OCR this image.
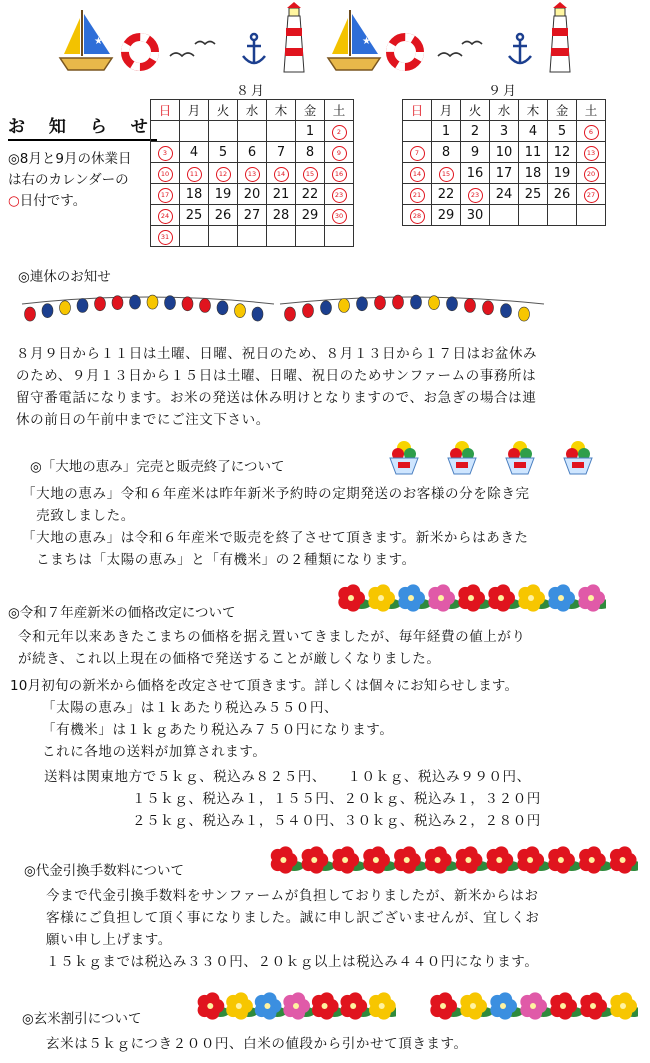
★	★
お 知 ら せ
◎8月と9月の休業日は右のカレンダーの○日付です。
８月
日	月	火	水	木	金	土
					1	2
3	4	5	6	7	8	9
10	11	12	13	14	15	16
17	18	19	20	21	22	23
24	25	26	27	28	29	30
31						
９月
日	月	火	水	木	金	土
	1	2	3	4	5	6
7	8	9	10	11	12	13
14	15	16	17	18	19	20
21	22	23	24	25	26	27
28	29	30				
◎連休のお知せ
８月９日から１１日は土曜、日曜、祝日のため、８月１３日から１７日はお盆休み
のため、９月１３日から１５日は土曜、日曜、祝日のためサンファームの事務所は
留守番電話になります。お米の発送は休み明けとなりますので、お急ぎの場合は連
休の前日の午前中までにご注文下さい。
◎「大地の恵み」完売と販売終了について
「大地の恵み」令和６年産米は昨年新米予約時の定期発送のお客様の分を除き完
　売致しました。
「大地の恵み」は令和６年産米で販売を終了させて頂きます。新米からはあきた
　こまちは「太陽の恵み」と「有機米」の２種類になります。
◎令和７年産新米の価格改定について
令和元年以来あきたこまちの価格を据え置いてきましたが、毎年経費の値上がり
が続き、これ以上現在の価格で発送することが厳しくなりました。
10月初旬の新米から価格を改定させて頂きます。詳しくは個々にお知らせします。
「太陽の恵み」は１ｋあたり税込み５５０円、
「有機米」は１ｋｇあたり税込み７５０円になります。
これに各地の送料が加算されます。
送料は関東地方で５ｋｇ、税込み８２５円、　　１０ｋｇ、税込み９９０円、
１５ｋｇ、税込み１，１５５円、２０ｋｇ、税込み１，３２０円
２５ｋｇ、税込み１，５４０円、３０ｋｇ、税込み２，２８０円
◎代金引換手数料について
今まで代金引換手数料をサンファームが負担しておりましたが、新米からはお
客様にご負担して頂く事になりました。誠に申し訳ございませんが、宜しくお
願い申し上げます。
１５ｋｇまでは税込み３３０円、２０ｋｇ以上は税込み４４０円になります。
◎玄米割引について
玄米は５ｋｇにつき２００円、白米の値段から引かせて頂きます。
